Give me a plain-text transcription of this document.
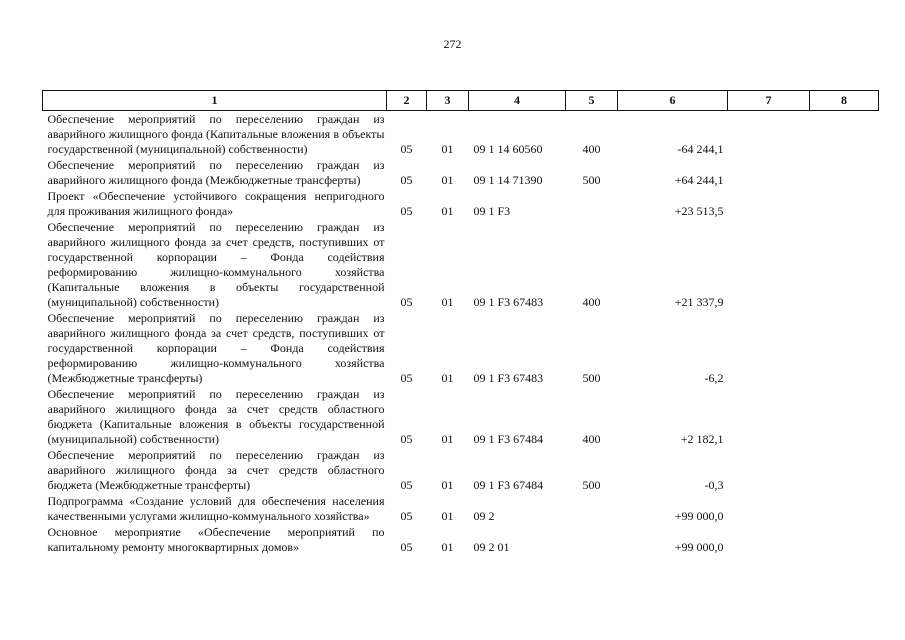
272
1	2	3	4	5	6	7	8
Обеспечение мероприятий по переселению граждан из аварийного жилищного фонда (Капитальные вложения в объекты государственной (муниципальной) собственности)	05	01	09 1 14 60560	400	-64 244,1		
Обеспечение мероприятий по переселению граждан из аварийного жилищного фонда (Межбюджетные трансферты)	05	01	09 1 14 71390	500	+64 244,1		
Проект «Обеспечение устойчивого сокращения непригодного для проживания жилищного фонда»	05	01	09 1 F3		+23 513,5		
Обеспечение мероприятий по переселению граждан из аварийного жилищного фонда за счет средств, поступивших от государственной корпорации – Фонда содействия реформированию жилищно-коммунального хозяйства (Капитальные вложения в объекты государственной (муниципальной) собственности)	05	01	09 1 F3 67483	400	+21 337,9		
Обеспечение мероприятий по переселению граждан из аварийного жилищного фонда за счет средств, поступивших от государственной корпорации – Фонда содействия реформированию жилищно-коммунального хозяйства (Межбюджетные трансферты)	05	01	09 1 F3 67483	500	-6,2		
Обеспечение мероприятий по переселению граждан из аварийного жилищного фонда за счет средств областного бюджета (Капитальные вложения в объекты государственной (муниципальной) собственности)	05	01	09 1 F3 67484	400	+2 182,1		
Обеспечение мероприятий по переселению граждан из аварийного жилищного фонда за счет средств областного бюджета (Межбюджетные трансферты)	05	01	09 1 F3 67484	500	-0,3		
Подпрограмма «Создание условий для обеспечения населения качественными услугами жилищно-коммунального хозяйства»	05	01	09 2		+99 000,0		
Основное мероприятие «Обеспечение мероприятий по капитальному ремонту многоквартирных домов»	05	01	09 2 01		+99 000,0		
